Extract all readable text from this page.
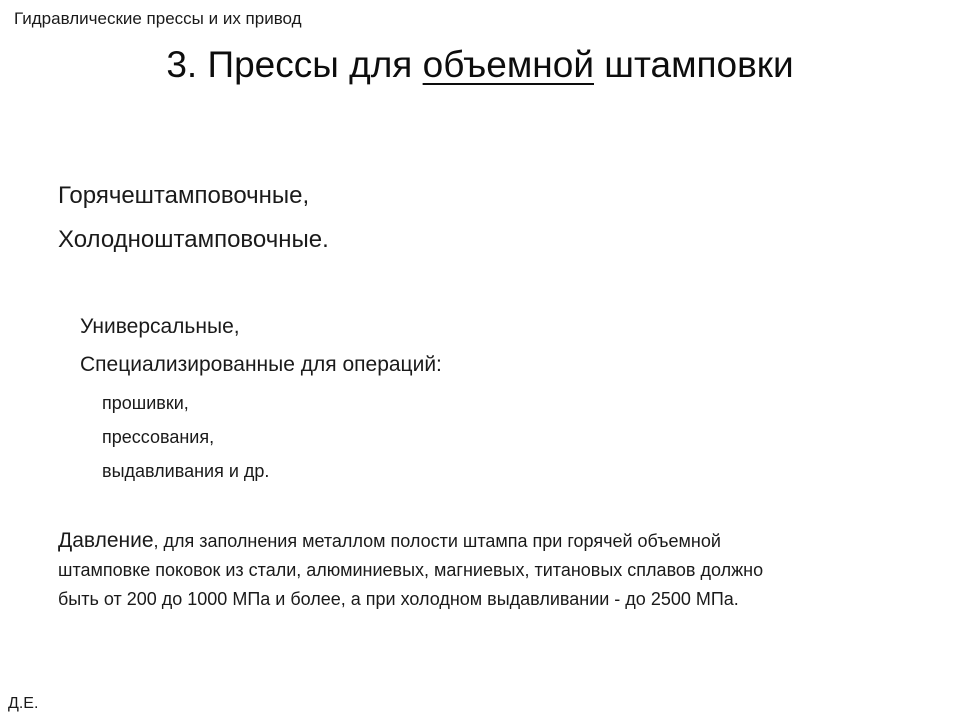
Гидравлические прессы и их привод
3. Прессы для объемной штамповки
Горячештамповочные,
Холодноштамповочные.
Универсальные,
Специализированные для операций:
прошивки,
прессования,
выдавливания и др.
Давление, для заполнения металлом полости штампа при горячей объемной
штамповке поковок из стали, алюминиевых, магниевых, титановых сплавов должно
быть от 200 до 1000 МПа и более, а при холодном выдавливании - до 2500 МПа.
Д.Е.
